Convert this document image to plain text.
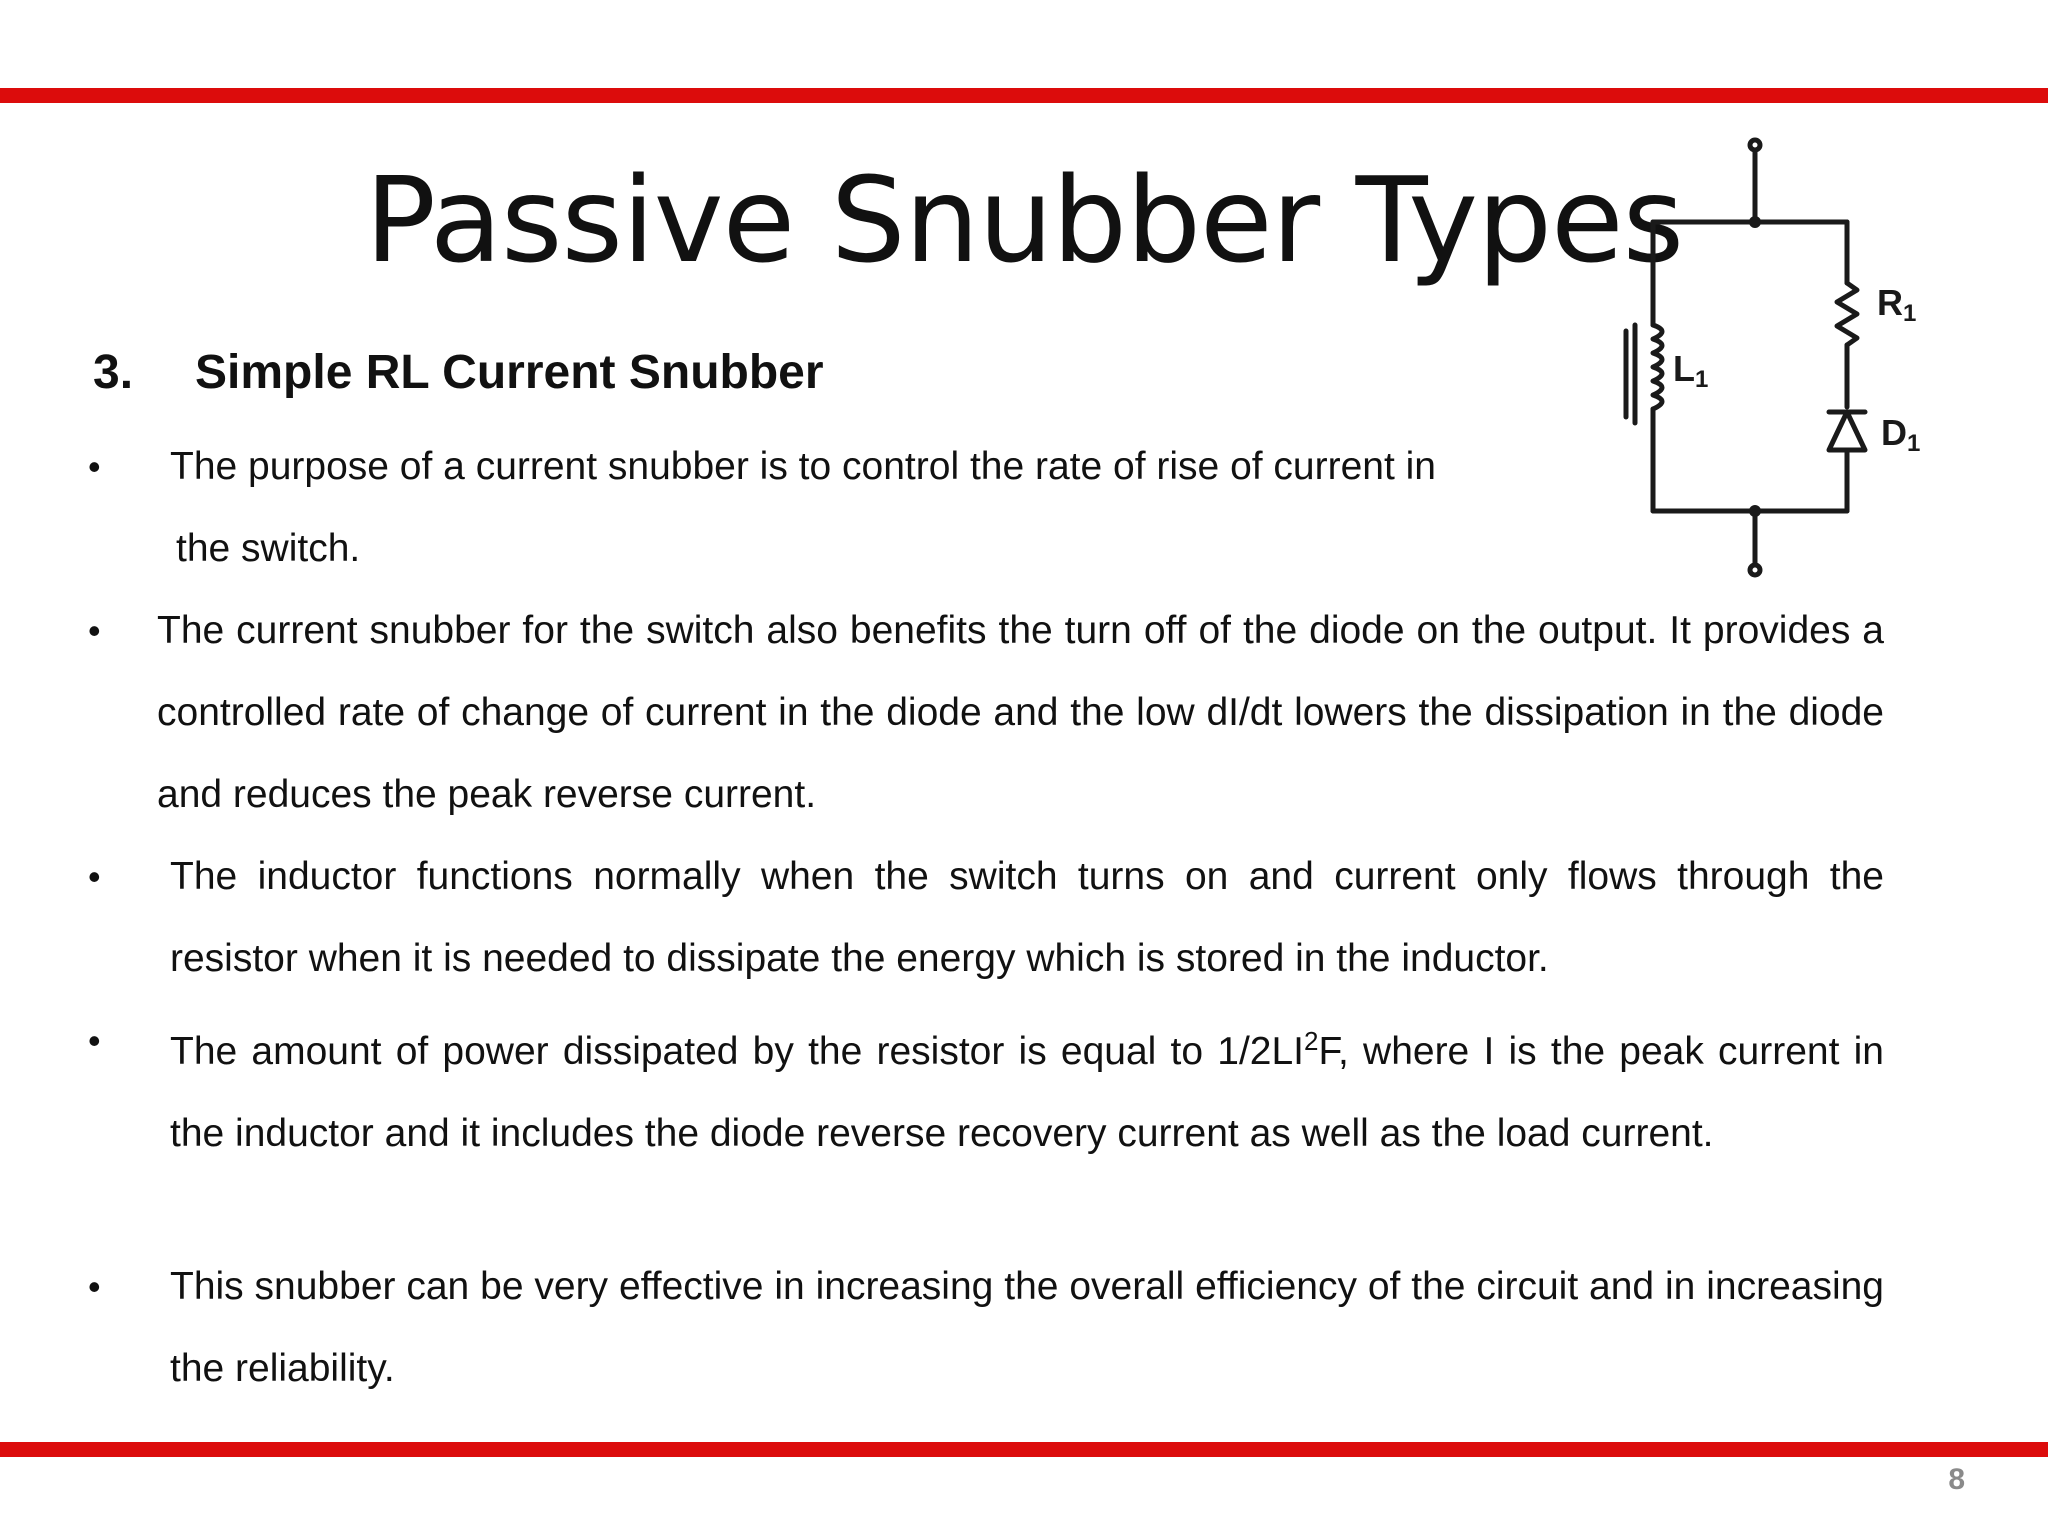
Passive Snubber Types
R1
L1
D1
3. Simple RL Current Snubber
• The purpose of a current snubber is to control the rate of rise of current in
the switch.
• The current snubber for the switch also benefits the turn off of the diode on the output. It provides a controlled rate of change of current in the diode and the low dI/dt lowers the dissipation in the diode and reduces the peak reverse current.
• The inductor functions normally when the switch turns on and current only flows through the resistor when it is needed to dissipate the energy which is stored in the inductor.
• The amount of power dissipated by the resistor is equal to $1/2LI^2F$, where I is the peak current in the inductor and it includes the diode reverse recovery current as well as the load current.
• This snubber can be very effective in increasing the overall efficiency of the circuit and in increasing the reliability.
8
